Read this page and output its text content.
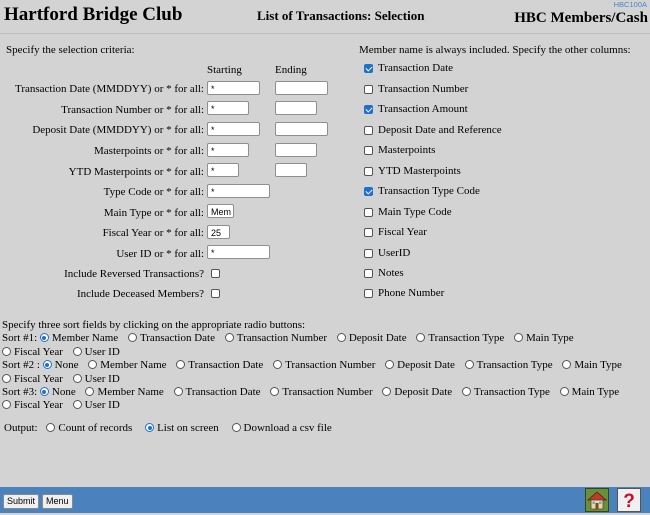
Hartford Bridge Club	List of Transactions: Selection
HBC100A
HBC Members/Cash
Specify the selection criteria:
Starting	Ending
Transaction Date (MMDDYY) or * for all: *
Transaction Number or * for all: *
Deposit Date (MMDDYY) or * for all: *
Masterpoints or * for all: *
YTD Masterpoints or * for all: *
Type Code or * for all: *
Main Type or * for all: Mem
Fiscal Year or * for all: 25
User ID or * for all: *
Include Reversed Transactions?
Include Deceased Members?
Member name is always included. Specify the other columns:
Transaction Date
Transaction Number
Transaction Amount
Deposit Date and Reference
Masterpoints
YTD Masterpoints
Transaction Type Code
Main Type Code
Fiscal Year
UserID
Notes
Phone Number
Specify three sort fields by clicking on the appropriate radio buttons:
Sort #1: Member Name Transaction Date Transaction Number Deposit Date Transaction Type Main Type Fiscal Year User ID
Sort #2 : None Member Name Transaction Date Transaction Number Deposit Date Transaction Type Main Type Fiscal Year User ID
Sort #3: None Member Name Transaction Date Transaction Number Deposit Date Transaction Type Main Type Fiscal Year User ID
Output: Count of records List on screen Download a csv file
Submit	Menu	?
